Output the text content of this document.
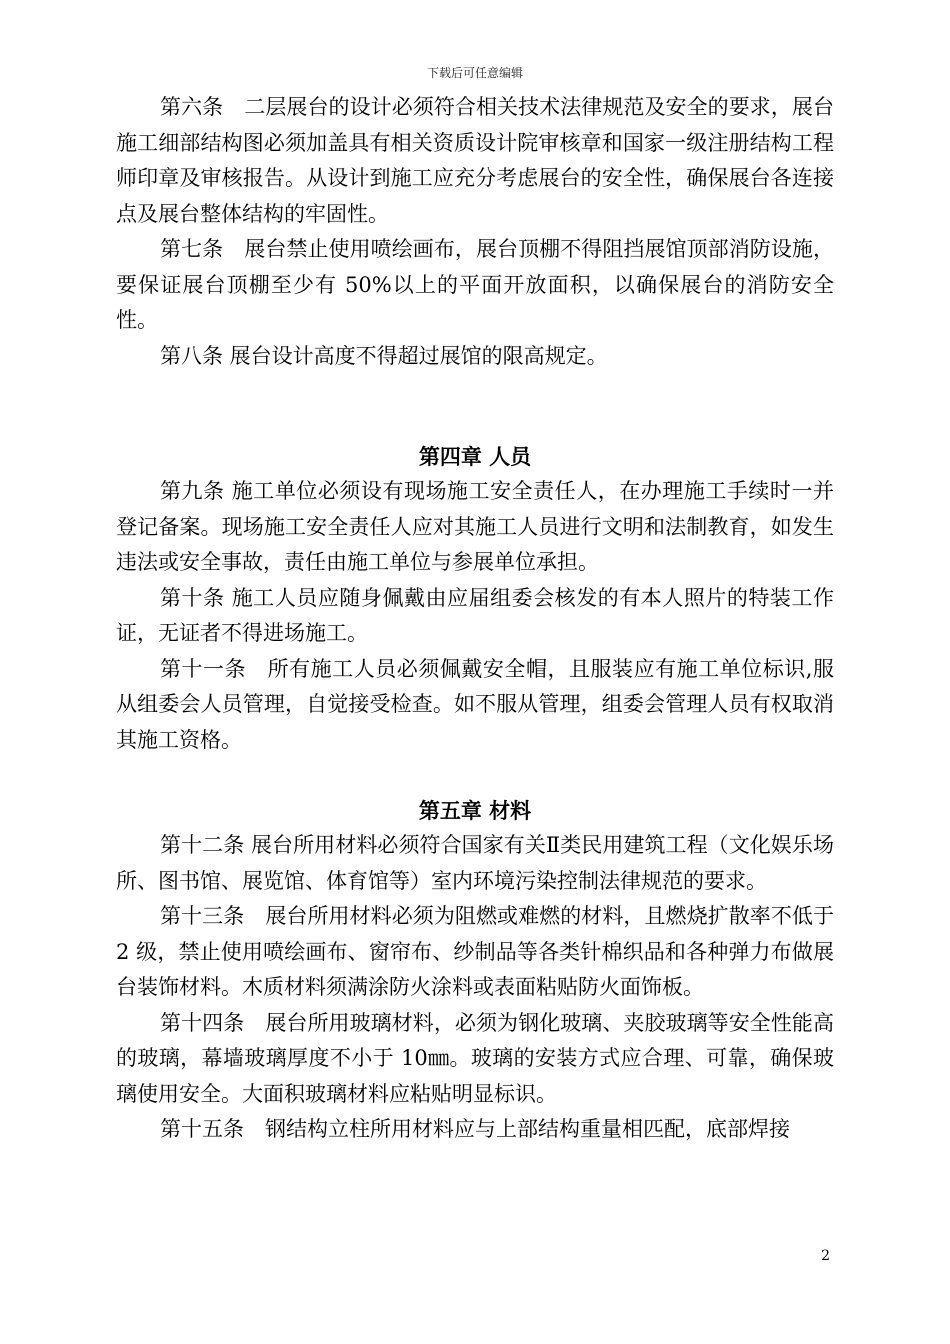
下载后可任意编辑

第六条　二层展台的设计必须符合相关技术法律规范及安全的要求，展台施工细部结构图必须加盖具有相关资质设计院审核章和国家一级注册结构工程师印章及审核报告。从设计到施工应充分考虑展台的安全性，确保展台各连接点及展台整体结构的牢固性。

第七条　展台禁止使用喷绘画布，展台顶棚不得阻挡展馆顶部消防设施，要保证展台顶棚至少有 50%以上的平面开放面积，以确保展台的消防安全性。

第八条 展台设计高度不得超过展馆的限高规定。

第四章 人员

第九条 施工单位必须设有现场施工安全责任人，在办理施工手续时一并登记备案。现场施工安全责任人应对其施工人员进行文明和法制教育，如发生违法或安全事故，责任由施工单位与参展单位承担。

第十条 施工人员应随身佩戴由应届组委会核发的有本人照片的特装工作证，无证者不得进场施工。

第十一条　所有施工人员必须佩戴安全帽，且服装应有施工单位标识,服从组委会人员管理，自觉接受检查。如不服从管理，组委会管理人员有权取消其施工资格。

第五章 材料

第十二条 展台所用材料必须符合国家有关Ⅱ类民用建筑工程（文化娱乐场所、图书馆、展览馆、体育馆等）室内环境污染控制法律规范的要求。

第十三条　展台所用材料必须为阻燃或难燃的材料，且燃烧扩散率不低于 2 级，禁止使用喷绘画布、窗帘布、纱制品等各类针棉织品和各种弹力布做展台装饰材料。木质材料须满涂防火涂料或表面粘贴防火面饰板。

第十四条　展台所用玻璃材料，必须为钢化玻璃、夹胶玻璃等安全性能高的玻璃，幕墙玻璃厚度不小于 10㎜。玻璃的安装方式应合理、可靠，确保玻璃使用安全。大面积玻璃材料应粘贴明显标识。

第十五条　钢结构立柱所用材料应与上部结构重量相匹配，底部焊接

2
